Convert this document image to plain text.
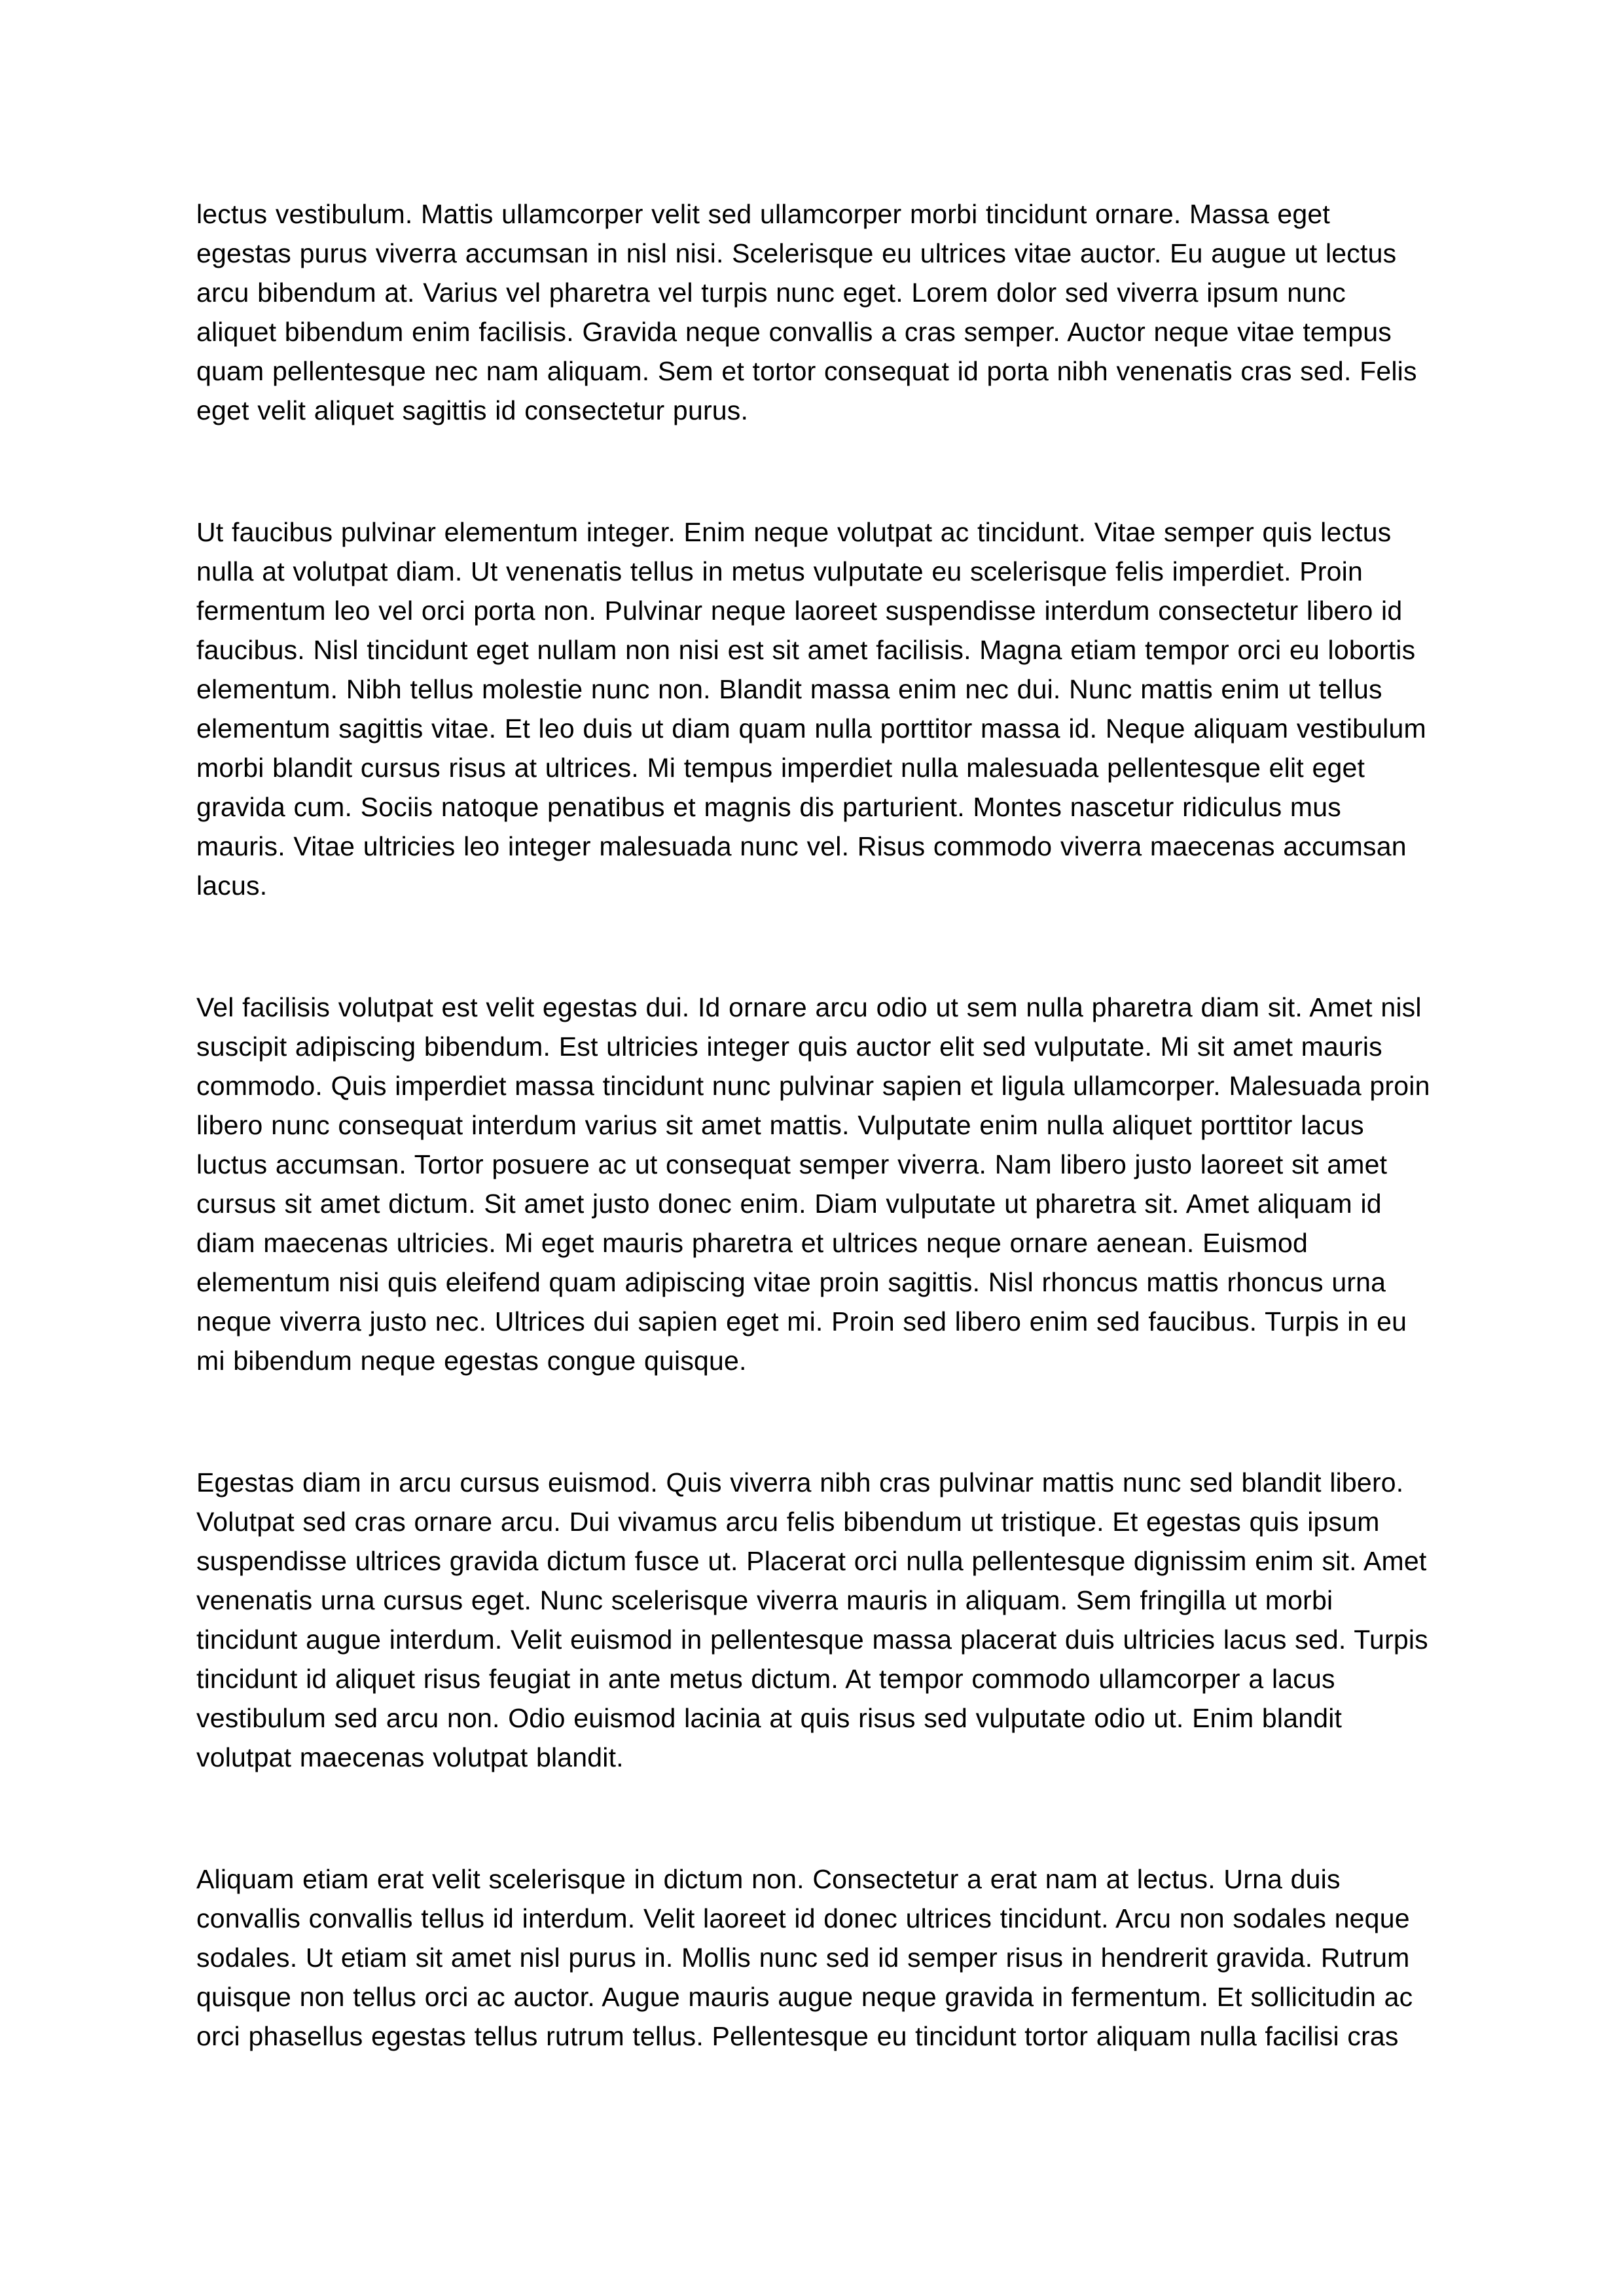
lectus vestibulum. Mattis ullamcorper velit sed ullamcorper morbi tincidunt ornare. Massa eget egestas purus viverra accumsan in nisl nisi. Scelerisque eu ultrices vitae auctor. Eu augue ut lectus arcu bibendum at. Varius vel pharetra vel turpis nunc eget. Lorem dolor sed viverra ipsum nunc aliquet bibendum enim facilisis. Gravida neque convallis a cras semper. Auctor neque vitae tempus quam pellentesque nec nam aliquam. Sem et tortor consequat id porta nibh venenatis cras sed. Felis eget velit aliquet sagittis id consectetur purus.

Ut faucibus pulvinar elementum integer. Enim neque volutpat ac tincidunt. Vitae semper quis lectus nulla at volutpat diam. Ut venenatis tellus in metus vulputate eu scelerisque felis imperdiet. Proin fermentum leo vel orci porta non. Pulvinar neque laoreet suspendisse interdum consectetur libero id faucibus. Nisl tincidunt eget nullam non nisi est sit amet facilisis. Magna etiam tempor orci eu lobortis elementum. Nibh tellus molestie nunc non. Blandit massa enim nec dui. Nunc mattis enim ut tellus elementum sagittis vitae. Et leo duis ut diam quam nulla porttitor massa id. Neque aliquam vestibulum morbi blandit cursus risus at ultrices. Mi tempus imperdiet nulla malesuada pellentesque elit eget gravida cum. Sociis natoque penatibus et magnis dis parturient. Montes nascetur ridiculus mus mauris. Vitae ultricies leo integer malesuada nunc vel. Risus commodo viverra maecenas accumsan lacus.

Vel facilisis volutpat est velit egestas dui. Id ornare arcu odio ut sem nulla pharetra diam sit. Amet nisl suscipit adipiscing bibendum. Est ultricies integer quis auctor elit sed vulputate. Mi sit amet mauris commodo. Quis imperdiet massa tincidunt nunc pulvinar sapien et ligula ullamcorper. Malesuada proin libero nunc consequat interdum varius sit amet mattis. Vulputate enim nulla aliquet porttitor lacus luctus accumsan. Tortor posuere ac ut consequat semper viverra. Nam libero justo laoreet sit amet cursus sit amet dictum. Sit amet justo donec enim. Diam vulputate ut pharetra sit. Amet aliquam id diam maecenas ultricies. Mi eget mauris pharetra et ultrices neque ornare aenean. Euismod elementum nisi quis eleifend quam adipiscing vitae proin sagittis. Nisl rhoncus mattis rhoncus urna neque viverra justo nec. Ultrices dui sapien eget mi. Proin sed libero enim sed faucibus. Turpis in eu mi bibendum neque egestas congue quisque.

Egestas diam in arcu cursus euismod. Quis viverra nibh cras pulvinar mattis nunc sed blandit libero. Volutpat sed cras ornare arcu. Dui vivamus arcu felis bibendum ut tristique. Et egestas quis ipsum suspendisse ultrices gravida dictum fusce ut. Placerat orci nulla pellentesque dignissim enim sit. Amet venenatis urna cursus eget. Nunc scelerisque viverra mauris in aliquam. Sem fringilla ut morbi tincidunt augue interdum. Velit euismod in pellentesque massa placerat duis ultricies lacus sed. Turpis tincidunt id aliquet risus feugiat in ante metus dictum. At tempor commodo ullamcorper a lacus vestibulum sed arcu non. Odio euismod lacinia at quis risus sed vulputate odio ut. Enim blandit volutpat maecenas volutpat blandit.

Aliquam etiam erat velit scelerisque in dictum non. Consectetur a erat nam at lectus. Urna duis convallis convallis tellus id interdum. Velit laoreet id donec ultrices tincidunt. Arcu non sodales neque sodales. Ut etiam sit amet nisl purus in. Mollis nunc sed id semper risus in hendrerit gravida. Rutrum quisque non tellus orci ac auctor. Augue mauris augue neque gravida in fermentum. Et sollicitudin ac orci phasellus egestas tellus rutrum tellus. Pellentesque eu tincidunt tortor aliquam nulla facilisi cras
